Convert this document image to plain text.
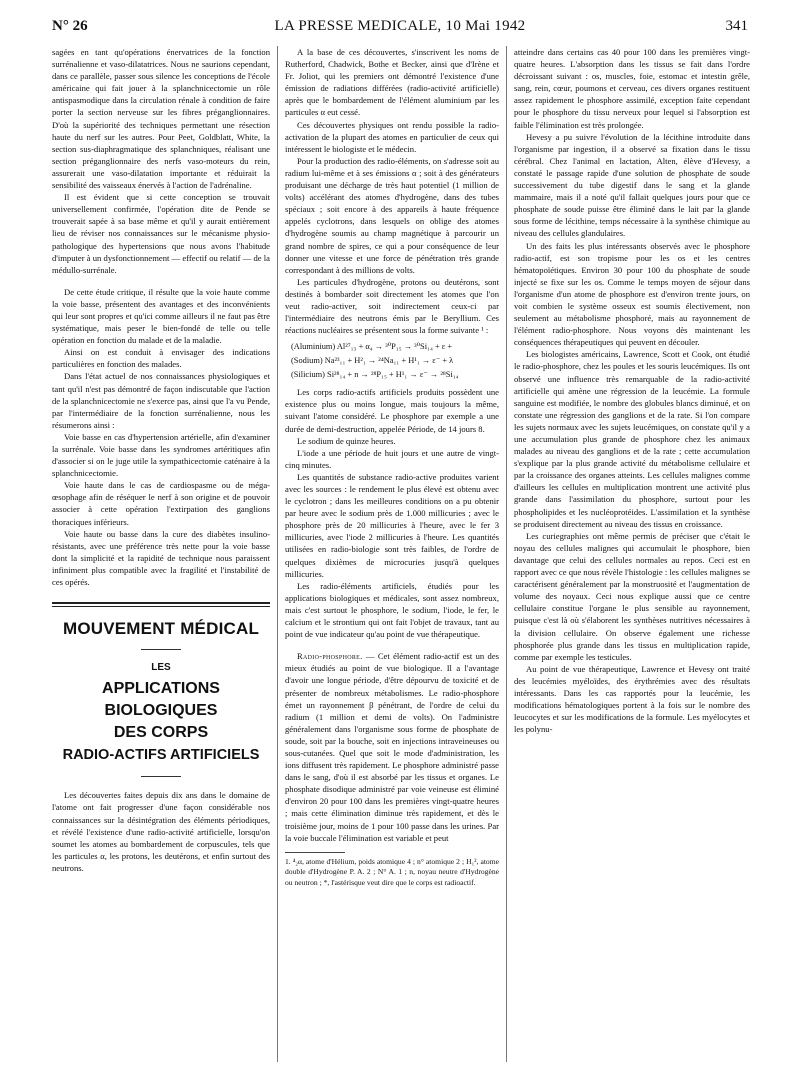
N° 26	LA PRESSE MEDICALE, 10 Mai 1942	341

sagées en tant qu'opérations énervatrices de la fonction surrénalienne et vaso-dilatatrices. Nous ne saurions cependant, dans ce parallèle, passer sous silence les conceptions de l'école américaine qui fait jouer à la splanchnicectomie un rôle antispasmodique dans la circulation rénale à condition de faire porter la section nerveuse sur les fibres préganglionnaires. D'où la supériorité des techniques permettant une résection haute du nerf sur les autres. Pour Peet, Goldblatt, White, la section sus-diaphragmatique des splanchniques, réalisant une section préganglionnaire des nerfs vaso-moteurs du rein, assurerait une vaso-dilatation importante et réduirait la sensibilité des vaisseaux énervés à l'action de l'adrénaline.

Il est évident que si cette conception se trouvait universellement confirmée, l'opération dite de Pende se trouverait sapée à sa base même et qu'il y aurait entièrement lieu de réviser nos connaissances sur le mécanisme physio-pathologique des hypertensions que nous avons l'habitude d'imputer à un dysfonctionnement — effectif ou relatif — de la médullo-surrénale.

De cette étude critique, il résulte que la voie haute comme la voie basse, présentent des avantages et des inconvénients qui leur sont propres et qu'ici comme ailleurs il ne faut pas être systématique, mais peser le bien-fondé de telle ou telle opération en fonction du malade et de la maladie.

Ainsi on est conduit à envisager des indications particulières en fonction des malades.

Dans l'état actuel de nos connaissances physiologiques et tant qu'il n'est pas démontré de façon indiscutable que l'action de la splanchnicectomie ne s'exerce pas, ainsi que l'a vu Pende, par l'intermédiaire de la fonction surrénalienne, nous les résumerons ainsi :

Voie basse en cas d'hypertension artérielle, afin d'examiner la surrénale. Voie basse dans les syndromes artéritiques afin d'associer si on le juge utile la sympathicectomie caténaire à la splanchnicectomie.

Voie haute dans le cas de cardiospasme ou de méga-œsophage afin de réséquer le nerf à son origine et de pouvoir associer à cette opération l'extirpation des ganglions thoraciques inférieurs.

Voie haute ou basse dans la cure des diabètes insulino-résistants, avec une préférence très nette pour la voie basse dont la simplicité et la rapidité de technique nous paraissent infiniment plus compatible avec la fragilité et l'instabilité de ces opérés.

MOUVEMENT MÉDICAL
LES
APPLICATIONS BIOLOGIQUES
DES CORPS
RADIO-ACTIFS ARTIFICIELS

Les découvertes faites depuis dix ans dans le domaine de l'atome ont fait progresser d'une façon considérable nos connaissances sur la désintégration des éléments périodiques, et révélé l'existence d'une radio-activité artificielle, lorsqu'on soumet les atomes au bombardement de corpuscules, tels que les particules α, les protons, les deutérons, et enfin surtout des neutrons.

A la base de ces découvertes, s'inscrivent les noms de Rutherford, Chadwick, Bothe et Becker, ainsi que d'Irène et Fr. Joliot, qui les premiers ont démontré l'existence d'une émission de radiations différées (radio-activité artificielle) après que le bombardement de l'élément aluminium par les particules α eut cessé.

Ces découvertes physiques ont rendu possible la radio-activation de la plupart des atomes en particulier de ceux qui intéressent le biologiste et le médecin.

Pour la production des radio-éléments, on s'adresse soit au radium lui-même et à ses émissions α ; soit à des générateurs produisant une décharge de très haut potentiel (1 million de volts) accélérant des atomes d'hydrogène, dans des tubes spéciaux ; soit encore à des appareils à haute fréquence appelés cyclotrons, dans lesquels on oblige des atomes d'hydrogène soumis au champ magnétique à parcourir un grand nombre de spires, ce qui a pour conséquence de leur donner une vitesse et une force de pénétration très grande correspondant à des millions de volts.

Les particules d'hydrogène, protons ou deutérons, sont destinés à bombarder soit directement les atomes que l'on veut radio-activer, soit indirectement ceux-ci par l'intermédiaire des neutrons émis par le Beryllium. Ces réactions nucléaires se présentent sous la forme suivante ¹ :

(Aluminium) Al²⁷₁₃ + α₄ → ³⁰P₁₅ → ³⁰Si₁₄ + ε +
(Sodium) Na²³₁₁ + H²₁ → ²⁴Na₁₁ + H¹₁ → ε⁻ + λ
(Silicium) Si²⁸₁₄ + n → ²⁸P₁₅ + H¹₁ → ε⁻ → ²⁸Si₁₄

Les corps radio-actifs artificiels produits possèdent une existence plus ou moins longue, mais toujours la même, suivant l'atome considéré. Le phosphore par exemple a une durée de demi-destruction, appelée Période, de 14 jours 8.

Le sodium de quinze heures.

L'iode a une période de huit jours et une autre de vingt-cinq minutes.

Les quantités de substance radio-active produites varient avec les sources : le rendement le plus élevé est obtenu avec le cyclotron ; dans les meilleures conditions on a pu obtenir par heure avec le sodium près de 1.000 millicuries ; avec le phosphore près de 20 millicuries à l'heure, avec le fer 3 millicuries, avec l'iode 2 millicuries à l'heure. Les quantités utilisées en radio-biologie sont très faibles, de l'ordre de quelques dixièmes de microcuries jusqu'à quelques millicuries.

Les radio-éléments artificiels, étudiés pour les applications biologiques et médicales, sont assez nombreux, mais c'est surtout le phosphore, le sodium, l'iode, le fer, le calcium et le strontium qui ont fait l'objet de travaux, tant au point de vue indicateur qu'au point de vue thérapeutique.

Radio-phosphore. — Cet élément radio-actif est un des mieux étudiés au point de vue biologique. Il a l'avantage d'avoir une longue période, d'être dépourvu de toxicité et de présenter de nombreux métabolismes. Le radio-phosphore émet un rayonnement β pénétrant, de l'ordre de celui du radium (1 million et demi de volts). On l'administre généralement dans l'organisme sous forme de phosphate de soude, soit par la bouche, soit en injections intraveineuses ou sous-cutanées. Quel que soit le mode d'administration, les ions diffusent très rapidement. Le phosphore administré passe dans le sang, d'où il est absorbé par les tissus et organes. Le phosphate disodique administré par voie veineuse est éliminé d'environ 20 pour 100 dans les premières vingt-quatre heures ; mais cette élimination diminue très rapidement, et dès le troisième jour, moins de 1 pour 100 passe dans les urines. Par la voie buccale l'élimination est variable et peut

1. ⁴₂α, atome d'Hélium, poids atomique 4 ; n° atomique 2 ; H₁², atome double d'Hydrogène P. A. 2 ; N° A. 1 ; n, noyau neutre d'Hydrogène ou neutron ; *, l'astérisque veut dire que le corps est radioactif.

atteindre dans certains cas 40 pour 100 dans les premières vingt-quatre heures. L'absorption dans les tissus se fait dans l'ordre décroissant suivant : os, muscles, foie, estomac et intestin grêle, sang, rein, cœur, poumons et cerveau, ces divers organes restituent assez rapidement le phosphore assimilé, exception faite cependant pour le phosphore du tissu nerveux pour lequel si l'absorption est faible l'élimination est très prolongée.

Hevesy a pu suivre l'évolution de la lécithine introduite dans l'organisme par ingestion, il a observé sa fixation dans le tissu cérébral. Chez l'animal en lactation, Alten, élève d'Hevesy, a constaté le passage rapide d'une solution de phosphate de soude successivement du tube digestif dans le sang et la glande mammaire, mais il a noté qu'il fallait quelques jours pour que ce phosphate de soude puisse être éliminé dans le lait par la glande sous forme de lécithine, temps nécessaire à la synthèse chimique au niveau des cellules glandulaires.

Un des faits les plus intéressants observés avec le phosphore radio-actif, est son tropisme pour les os et les centres hématopoïétiques. Environ 30 pour 100 du phosphate de soude injecté se fixe sur les os. Comme le temps moyen de séjour dans l'organisme d'un atome de phosphore est d'environ trente jours, on voit combien le système osseux est soumis électivement, non seulement au métabolisme phosphoré, mais au rayonnement de l'élément radio-phosphore. Nous voyons dès maintenant les conséquences thérapeutiques qui peuvent en découler.

Les biologistes américains, Lawrence, Scott et Cook, ont étudié le radio-phosphore, chez les poules et les souris leucémiques. Ils ont observé une influence très remarquable de la radio-activité artificielle qui amène une régression de la leucémie. La formule sanguine est modifiée, le nombre des globules blancs diminué, et on constate une régression des ganglions et de la rate. Si l'on compare les sujets normaux avec les sujets leucémiques, on constate qu'il y a une accumulation plus grande de phosphore chez les animaux malades au niveau des ganglions et de la rate ; cette accumulation s'explique par la plus grande activité du métabolisme cellulaire et par la croissance des organes atteints. Les cellules malignes comme d'ailleurs les cellules en multiplication montrent une activité plus grande dans l'assimilation du phosphore, surtout pour les phospholipides et les nucléoprotéides. L'assimilation et la synthèse se produisent directement au niveau des tissus en croissance.

Les curiegraphies ont même permis de préciser que c'était le noyau des cellules malignes qui accumulait le phosphore, bien davantage que celui des cellules normales au repos. Ceci est en rapport avec ce que nous révèle l'histologie : les cellules malignes se caractérisent généralement par la monstruosité et l'augmentation de volume des noyaux. Ceci nous explique aussi que ce centre cellulaire constitue l'organe le plus sensible au rayonnement, puisque c'est là où s'élaborent les synthèses nutritives nécessaires à la division cellulaire. On observe également une richesse phosphorée plus grande dans les tissus en multiplication rapide, comme par exemple les testicules.

Au point de vue thérapeutique, Lawrence et Hevesy ont traité des leucémies myéloïdes, des érythrémies avec des résultats intéressants. Dans les cas rapportés pour la leucémie, les modifications hématologiques portent à la fois sur le nombre des leucocytes et sur les modifications de la formule. Les myélocytes et les polynu-
